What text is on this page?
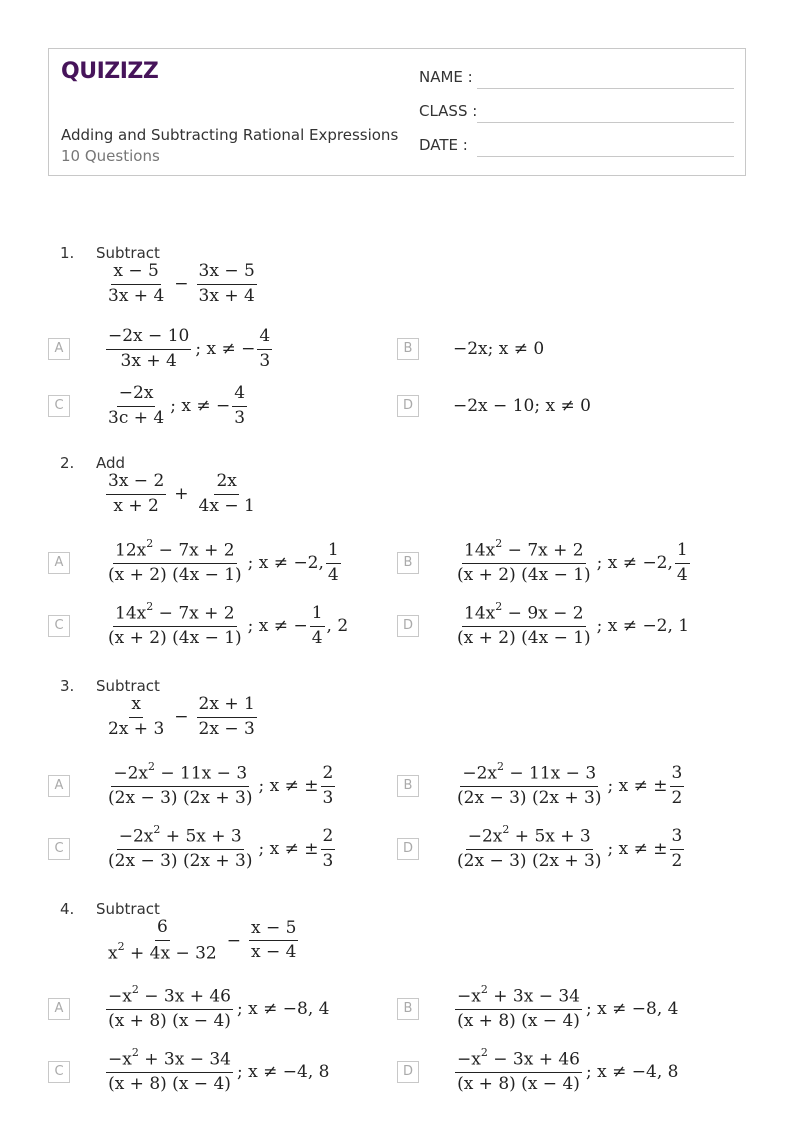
QUIZIZZ
Adding and Subtracting Rational Expressions
10 Questions
NAME :
CLASS :
DATE :
1. Subtract
$\frac{x - 5}{3x + 4} - \frac{3x - 5}{3x + 4}$
A	$\frac{-2x - 10}{3x + 4}$ ; x ≠ − $\frac{4}{3}$	B	−2x; x ≠ 0
C	$\frac{-2x}{3c + 4}$ ; x ≠ − $\frac{4}{3}$	D	−2x − 10; x ≠ 0
2. Add
$\frac{3x - 2}{x + 2} + \frac{2x}{4x - 1}$
A	$\frac{12x^2 - 7x + 2}{(x + 2) (4x - 1)}$ ; x ≠ −2, $\frac{1}{4}$	B	$\frac{14x^2 - 7x + 2}{(x + 2) (4x - 1)}$ ; x ≠ −2, $\frac{1}{4}$
C	$\frac{14x^2 - 7x + 2}{(x + 2) (4x - 1)}$ ; x ≠ − $\frac{1}{4}$ , 2	D	$\frac{14x^2 - 9x - 2}{(x + 2) (4x - 1)}$ ; x ≠ −2, 1
3. Subtract
$\frac{x}{2x + 3} - \frac{2x + 1}{2x - 3}$
A	$\frac{-2x^2 - 11x - 3}{(2x - 3) (2x + 3)}$ ; x ≠ ± $\frac{2}{3}$	B	$\frac{-2x^2 - 11x - 3}{(2x - 3) (2x + 3)}$ ; x ≠ ± $\frac{3}{2}$
C	$\frac{-2x^2 + 5x + 3}{(2x - 3) (2x + 3)}$ ; x ≠ ± $\frac{2}{3}$	D	$\frac{-2x^2 + 5x + 3}{(2x - 3) (2x + 3)}$ ; x ≠ ± $\frac{3}{2}$
4. Subtract
$\frac{6}{x^2 + 4x - 32} - \frac{x - 5}{x - 4}$
A	$\frac{-x^2 - 3x + 46}{(x + 8) (x - 4)}$ ; x ≠ −8, 4	B	$\frac{-x^2 + 3x - 34}{(x + 8) (x - 4)}$ ; x ≠ −8, 4
C	$\frac{-x^2 + 3x - 34}{(x + 8) (x - 4)}$ ; x ≠ −4, 8	D	$\frac{-x^2 - 3x + 46}{(x + 8) (x - 4)}$ ; x ≠ −4, 8
